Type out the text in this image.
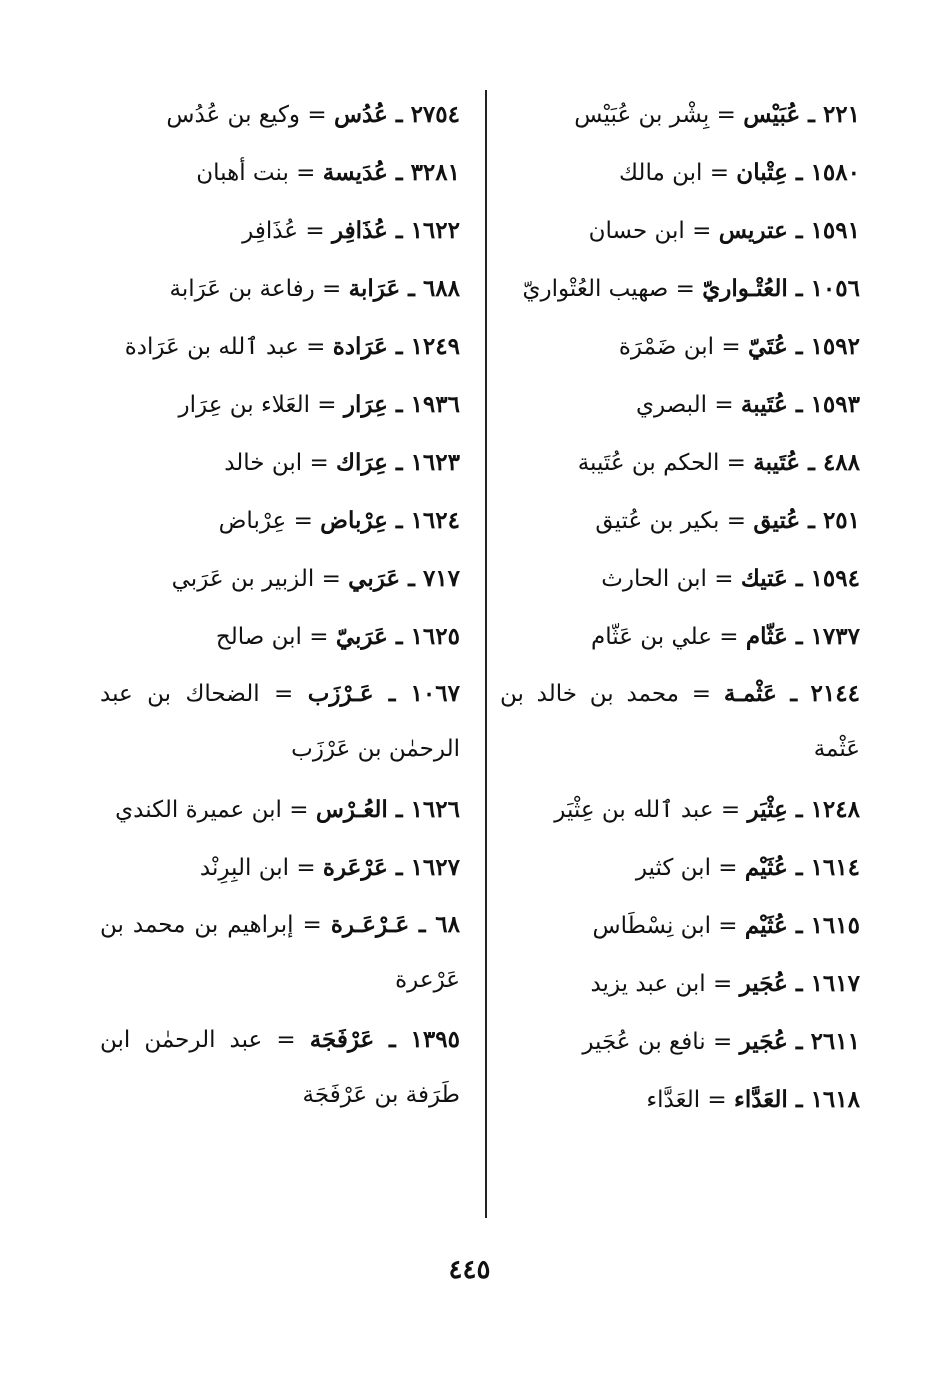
٢٢١ ـ عُبَيْس = بِشْر بن عُبَيْس
١٥٨٠ ـ عِتْبان = ابن مالك
١٥٩١ ـ عتريس = ابن حسان
١٠٥٦ ـ العُتْـواريّ = صهيب العُتْواريّ
١٥٩٢ ـ عُتَيّ = ابن ضَمْرَة
١٥٩٣ ـ عُتَيبة = البصري
٤٨٨ ـ عُتَيبة = الحكم بن عُتَيبة
٢٥١ ـ عُتيق = بكير بن عُتيق
١٥٩٤ ـ عَتيك = ابن الحارث
١٧٣٧ ـ عَثّام = علي بن عَثّام
٢١٤٤ ـ عَثْمـة = محمد بن خالد بن عَثْمة
١٢٤٨ ـ عِثْيَر = عبد ٱلله بن عِثْيَر
١٦١٤ ـ عُثَيْم = ابن كثير
١٦١٥ ـ عُثَيْم = ابن نِسْطَاس
١٦١٧ ـ عُجَير = ابن عبد يزيد
٢٦١١ ـ عُجَير = نافع بن عُجَير
١٦١٨ ـ العَدَّاء = العَدَّاء
٢٧٥٤ ـ عُدُس = وكيع بن عُدُس
٣٢٨١ ـ عُدَيسة = بنت أهبان
١٦٢٢ ـ عُذَافِر = عُذَافِر
٦٨٨ ـ عَرَابة = رفاعة بن عَرَابة
١٢٤٩ ـ عَرَادة = عبد ٱلله بن عَرَادة
١٩٣٦ ـ عِرَار = العَلاء بن عِرَار
١٦٢٣ ـ عِرَاك = ابن خالد
١٦٢٤ ـ عِرْباض = عِرْباض
٧١٧ ـ عَرَبي = الزبير بن عَرَبي
١٦٢٥ ـ عَرَبيّ = ابن صالح
١٠٦٧ ـ عَـرْزَب = الضحاك بن عبد الرحمٰن بن عَرْزَب
١٦٢٦ ـ العُـرْس = ابن عميرة الكندي
١٦٢٧ ـ عَرْعَرة = ابن البِرِنْد
٦٨ ـ عَـرْعَـرة = إبراهيم بن محمد بن عَرْعرة
١٣٩٥ ـ عَرْفَجَة = عبد الرحمٰن ابن طَرَفة بن عَرْفَجَة
٤٤٥
